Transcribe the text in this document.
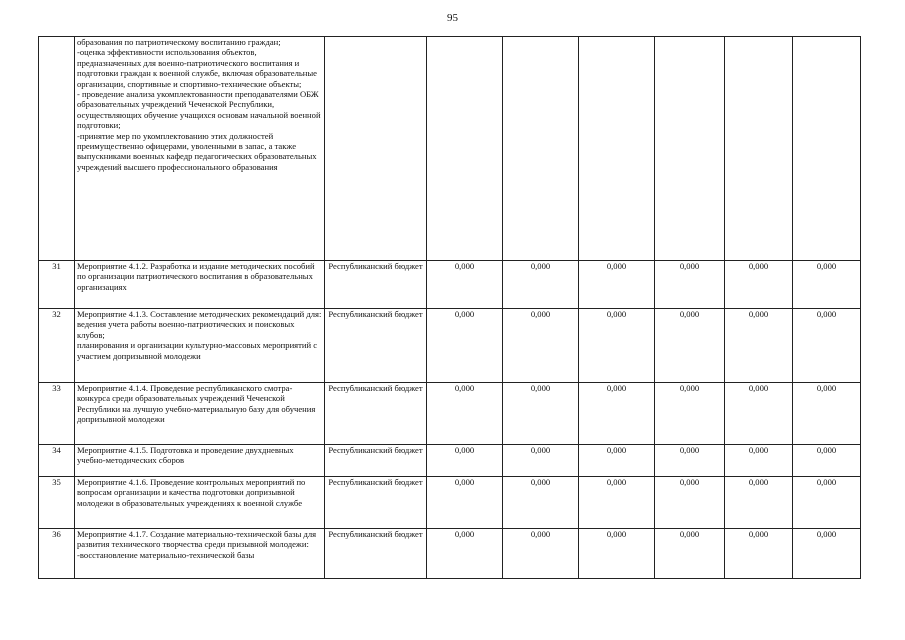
95
	образования по патриотическому воспитанию граждан;
-оценка эффективности использования объектов, предназначенных для военно-патриотического воспитания и подготовки граждан к военной службе, включая образовательные организации, спортивные и спортивно-технические объекты;
- проведение анализа укомплектованности преподавателями ОБЖ образовательных учреждений Чеченской Республики, осуществляющих обучение учащихся основам начальной военной подготовки;
-принятие мер по укомплектованию этих должностей преимущественно офицерами, уволенными в запас, а также выпускниками военных кафедр педагогических образовательных учреждений высшего профессионального образования							
31	Мероприятие 4.1.2. Разработка и издание методических пособий по организации патриотического воспитания в образовательных организациях	Республиканский бюджет	0,000	0,000	0,000	0,000	0,000	0,000
32	Мероприятие 4.1.3. Составление методических рекомендаций для:
ведения учета работы военно-патриотических и поисковых клубов;
планирования и организации культурно-массовых мероприятий с участием допризывной молодежи	Республиканский бюджет	0,000	0,000	0,000	0,000	0,000	0,000
33	Мероприятие 4.1.4. Проведение республиканского смотра-конкурса среди образовательных учреждений Чеченской Республики на лучшую учебно-материальную базу для обучения допризывной молодежи	Республиканский бюджет	0,000	0,000	0,000	0,000	0,000	0,000
34	Мероприятие 4.1.5. Подготовка и проведение двухдневных учебно-методических сборов	Республиканский бюджет	0,000	0,000	0,000	0,000	0,000	0,000
35	Мероприятие 4.1.6. Проведение контрольных мероприятий по вопросам организации и качества подготовки допризывной молодежи в образовательных учреждениях к военной службе	Республиканский бюджет	0,000	0,000	0,000	0,000	0,000	0,000
36	Мероприятие 4.1.7. Создание материально-технической базы для развития технического творчества среди призывной молодежи:
-восстановление материально-технической базы	Республиканский бюджет	0,000	0,000	0,000	0,000	0,000	0,000
